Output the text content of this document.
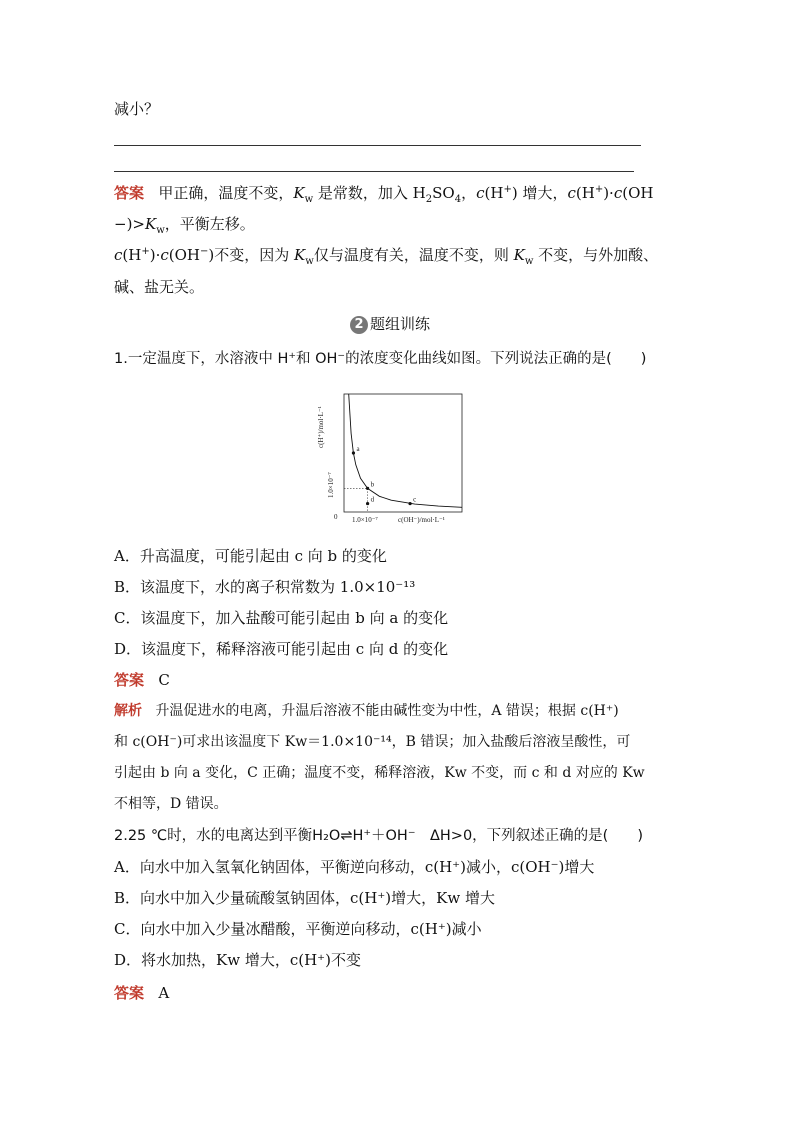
减小？
答案 甲正确，温度不变，$K_w$ 是常数，加入 $H_2SO_4$，c(H+) 增大，c(H+)·c(OH
$-)>K_w$，平衡左移。
c(H+)·c(OH−)不变，因为 $K_w$仅与温度有关，温度不变，则 $K_w$ 不变，与外加酸、
碱、盐无关。
2 题组训练
1.一定温度下，水溶液中 H⁺和 OH⁻的浓度变化曲线如图。下列说法正确的是(　　)
a
b
c
d
c(H⁺)/mol·L⁻¹
1.0×10⁻⁷
0 1.0×10⁻⁷	c(OH⁻)/mol·L⁻¹
A．升高温度，可能引起由 c 向 b 的变化
B．该温度下，水的离子积常数为 1.0×10⁻¹³
C．该温度下，加入盐酸可能引起由 b 向 a 的变化
D．该温度下，稀释溶液可能引起由 c 向 d 的变化
答案 C
解析 升温促进水的电离，升温后溶液不能由碱性变为中性，A 错误；根据 c(H⁺)
和 c(OH⁻)可求出该温度下 Kw＝1.0×10⁻¹⁴，B 错误；加入盐酸后溶液呈酸性，可
引起由 b 向 a 变化，C 正确；温度不变，稀释溶液，Kw 不变，而 c 和 d 对应的 Kw
不相等，D 错误。
2.25 ℃时，水的电离达到平衡H₂O⇌H⁺＋OH⁻　ΔH>0，下列叙述正确的是(　　)
A．向水中加入氢氧化钠固体，平衡逆向移动，c(H⁺)减小，c(OH⁻)增大
B．向水中加入少量硫酸氢钠固体，c(H⁺)增大，Kw 增大
C．向水中加入少量冰醋酸，平衡逆向移动，c(H⁺)减小
D．将水加热，Kw 增大，c(H⁺)不变
答案 A
